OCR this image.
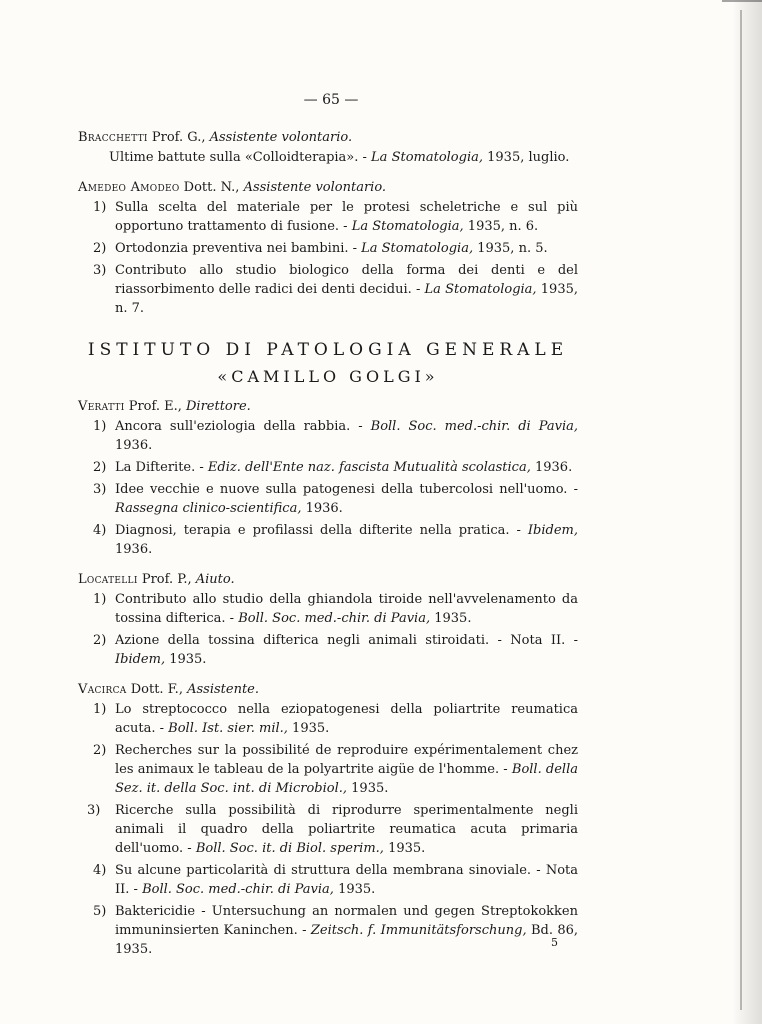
— 65 —

Bracchetti Prof. G., Assistente volontario.

Ultime battute sulla «Colloidterapia». - La Stomatologia, 1935, luglio.

Amedeo Amodeo Dott. N., Assistente volontario.

1) Sulla scelta del materiale per le protesi scheletriche e sul più opportuno trattamento di fusione. - La Stomatologia, 1935, n. 6.
2) Ortodonzia preventiva nei bambini. - La Stomatologia, 1935, n. 5.
3) Contributo allo studio biologico della forma dei denti e del riassorbimento delle radici dei denti decidui. - La Stomatologia, 1935, n. 7.
ISTITUTO DI PATOLOGIA GENERALE
«CAMILLO GOLGI»

Veratti Prof. E., Direttore.

1) Ancora sull'eziologia della rabbia. - Boll. Soc. med.-chir. di Pavia, 1936.
2) La Difterite. - Ediz. dell'Ente naz. fascista Mutualità scolastica, 1936.
3) Idee vecchie e nuove sulla patogenesi della tubercolosi nell'uomo. - Rassegna clinico-scientifica, 1936.
4) Diagnosi, terapia e profilassi della difterite nella pratica. - Ibidem, 1936.

Locatelli Prof. P., Aiuto.

1) Contributo allo studio della ghiandola tiroide nell'avvelenamento da tossina difterica. - Boll. Soc. med.-chir. di Pavia, 1935.
2) Azione della tossina difterica negli animali stiroidati. - Nota II. - Ibidem, 1935.

Vacirca Dott. F., Assistente.

1) Lo streptococco nella eziopatogenesi della poliartrite reumatica acuta. - Boll. Ist. sier. mil., 1935.
2) Recherches sur la possibilité de reproduire expérimentalement chez les animaux le tableau de la polyartrite aigüe de l'homme. - Boll. della Sez. it. della Soc. int. di Microbiol., 1935.
3) Ricerche sulla possibilità di riprodurre sperimentalmente negli animali il quadro della poliartrite reumatica acuta primaria dell'uomo. - Boll. Soc. it. di Biol. sperim., 1935.
4) Su alcune particolarità di struttura della membrana sinoviale. - Nota II. - Boll. Soc. med.-chir. di Pavia, 1935.
5) Baktericidie - Untersuchung an normalen und gegen Streptokokken immuninsierten Kaninchen. - Zeitsch. f. Immunitätsforschung, Bd. 86, 1935.	5
